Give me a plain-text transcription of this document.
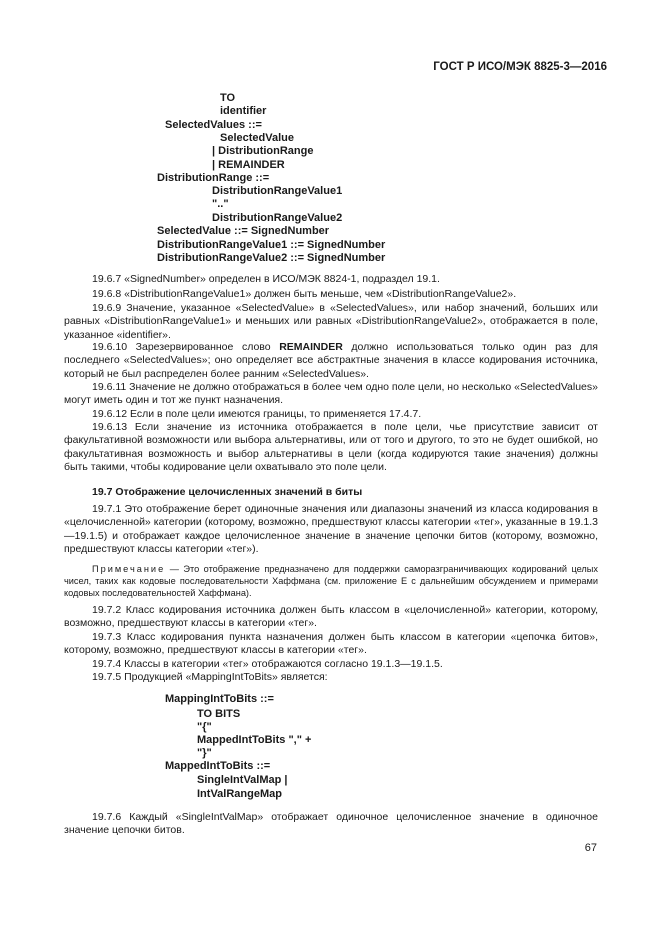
ГОСТ Р ИСО/МЭК 8825-3—2016
TO
identifier
SelectedValues ::=
SelectedValue
| DistributionRange
| REMAINDER
DistributionRange ::=
DistributionRangeValue1
".."
DistributionRangeValue2
SelectedValue ::= SignedNumber
DistributionRangeValue1 ::= SignedNumber
DistributionRangeValue2 ::= SignedNumber
19.6.7 «SignedNumber» определен в ИСО/МЭК 8824-1, подраздел 19.1.
19.6.8 «DistributionRangeValue1» должен быть меньше, чем «DistributionRangeValue2».
19.6.9 Значение, указанное «SelectedValue» в «SelectedValues», или набор значений, больших или равных «DistributionRangeValue1» и меньших или равных «DistributionRangeValue2», отображается в поле, указанное «identifier».
19.6.10 Зарезервированное слово REMAINDER должно использоваться только один раз для последнего «SelectedValues»; оно определяет все абстрактные значения в классе кодирования источника, который не был распределен более ранним «SelectedValues».
19.6.11 Значение не должно отображаться в более чем одно поле цели, но несколько «SelectedValues» могут иметь один и тот же пункт назначения.
19.6.12 Если в поле цели имеются границы, то применяется 17.4.7.
19.6.13 Если значение из источника отображается в поле цели, чье присутствие зависит от факультативной возможности или выбора альтернативы, или от того и другого, то это не будет ошибкой, но факультативная возможность и выбор альтернативы в цели (когда кодируются такие значения) должны быть такими, чтобы кодирование цели охватывало это поле цели.
19.7 Отображение целочисленных значений в биты
19.7.1 Это отображение берет одиночные значения или диапазоны значений из класса кодирования в «целочисленной» категории (которому, возможно, предшествуют классы категории «тег», указанные в 19.1.3—19.1.5) и отображает каждое целочисленное значение в значение цепочки битов (которому, возможно, предшествуют классы категории «тег»).
Примечание — Это отображение предназначено для поддержки саморазграничивающих кодирований целых чисел, таких как кодовые последовательности Хаффмана (см. приложение Е с дальнейшим обсуждением и примерами кодовых последовательностей Хаффмана).
19.7.2 Класс кодирования источника должен быть классом в «целочисленной» категории, которому, возможно, предшествуют классы в категории «тег».
19.7.3 Класс кодирования пункта назначения должен быть классом в категории «цепочка битов», которому, возможно, предшествуют классы в категории «тег».
19.7.4 Классы в категории «тег» отображаются согласно 19.1.3—19.1.5.
19.7.5 Продукцией «MappingIntToBits» является:
MappingIntToBits ::=
TO BITS
"{"
MappedIntToBits "," +
"}"
MappedIntToBits ::=
SingleIntValMap |
IntValRangeMap
19.7.6 Каждый «SingleIntValMap» отображает одиночное целочисленное значение в одиночное значение цепочки битов.
67
